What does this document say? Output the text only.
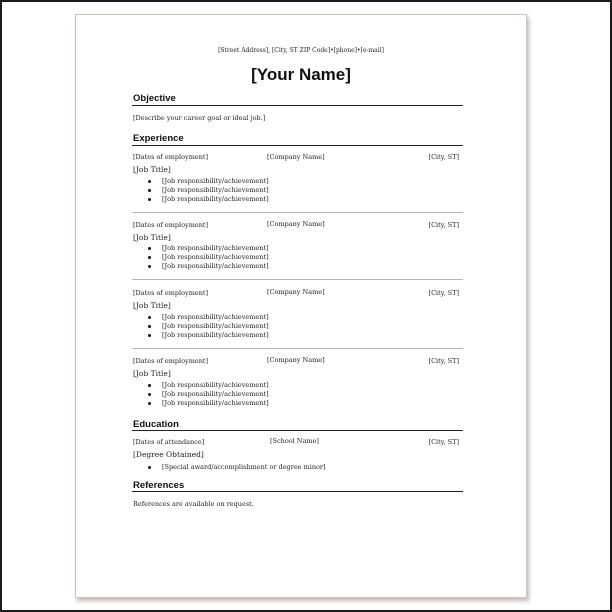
[Street Address], [City, ST ZIP Code]•[phone]•[e-mail]
[Your Name]
Objective
[Describe your career goal or ideal job.]
Experience
[Dates of employment]	[Company Name]	[City, ST]
[Job Title]
[Job responsibility/achievement]
[Job responsibility/achievement]
[Job responsibility/achievement]
[Dates of employment]	[Company Name]	[City, ST]
[Job Title]
[Job responsibility/achievement]
[Job responsibility/achievement]
[Job responsibility/achievement]
[Dates of employment]	[Company Name]	[City, ST]
[Job Title]
[Job responsibility/achievement]
[Job responsibility/achievement]
[Job responsibility/achievement]
[Dates of employment]	[Company Name]	[City, ST]
[Job Title]
[Job responsibility/achievement]
[Job responsibility/achievement]
[Job responsibility/achievement]
Education
[Dates of attendance]	[School Name]	[City, ST]
[Degree Obtained]
[Special award/accomplishment or degree minor]
References
References are available on request.
